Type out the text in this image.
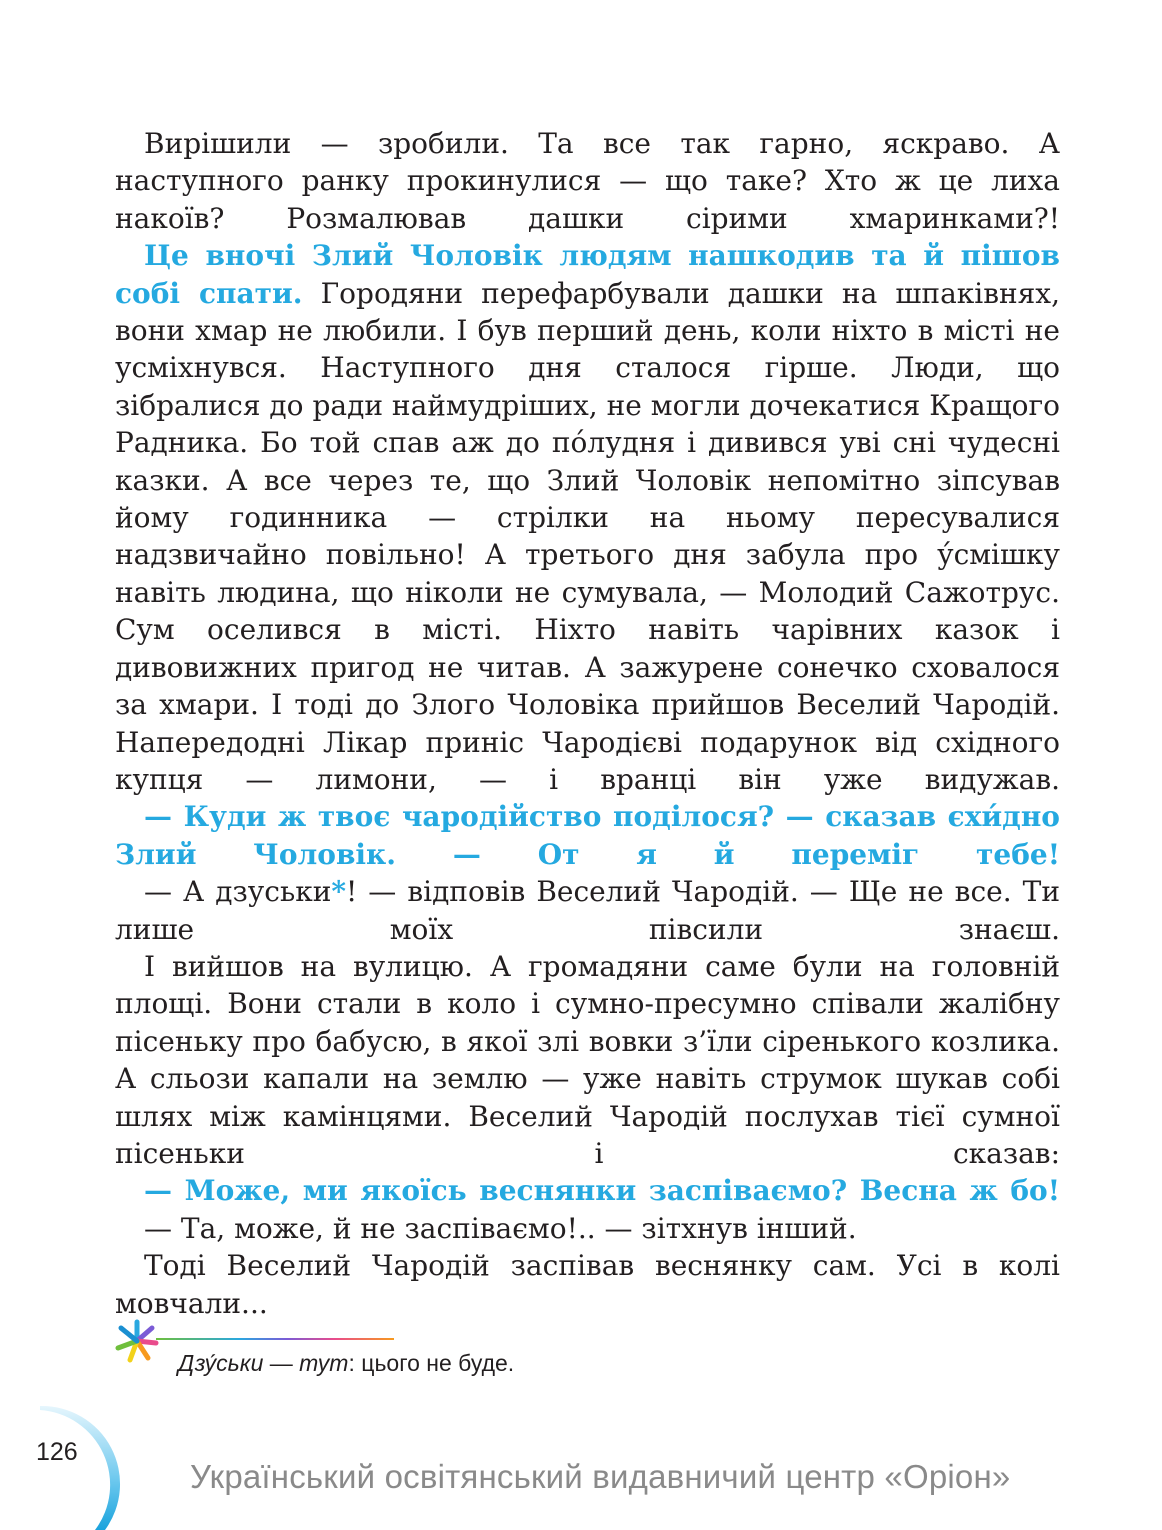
Вирішили — зробили. Та все так гарно, яскраво. А наступного ранку прокинулися — що таке? Хто ж це лиха накоїв? Розмалював дашки сірими хмаринками?!

Це вночі Злий Чоловік людям нашкодив та й пішов собі спати. Городяни перефарбували дашки на шпаківнях, вони хмар не любили. І був перший день, коли ніхто в місті не усміхнувся. Наступного дня сталося гірше. Люди, що зібралися до ради наймудріших, не могли дочекатися Кращого Радника. Бо той спав аж до по́лудня і дивився уві сні чудесні казки. А все через те, що Злий Чоловік непомітно зіпсував йому годинника — стрілки на ньому пересувалися надзвичайно повільно! А третього дня забула про у́смішку навіть людина, що ніколи не сумувала, — Молодий Сажотрус. Сум оселився в місті. Ніхто навіть чарівних казок і дивовижних пригод не читав. А зажурене сонечко сховалося за хмари. І тоді до Злого Чоловіка прийшов Веселий Чародій. Напередодні Лікар приніс Чародієві подарунок від східного купця — лимони, — і вранці він уже видужав.

— Куди ж твоє чародійство поділося? — сказав єхи́дно Злий Чоловік. — От я й переміг тебе!

— А дзуськи*! — відповів Веселий Чародій. — Ще не все. Ти лише моїх півсили знаєш.

І вийшов на вулицю. А громадяни саме були на головній площі. Вони стали в коло і сумно-пресумно співали жалібну пісеньку про бабусю, в якої злі вовки з’їли сіренького козлика. А сльози капали на землю — уже навіть струмок шукав собі шлях між камінцями. Веселий Чародій послухав тієї сумної пісеньки і сказав:

— Може, ми якоїсь веснянки заспіваємо? Весна ж бо!

— Та, може, й не заспіваємо!.. — зітхнув інший.

Тоді Веселий Чародій заспівав веснянку сам. Усі в колі мовчали...

Дзу́ськи — тут: цього не буде.
126
Український освітянський видавничий центр «Оріон»
